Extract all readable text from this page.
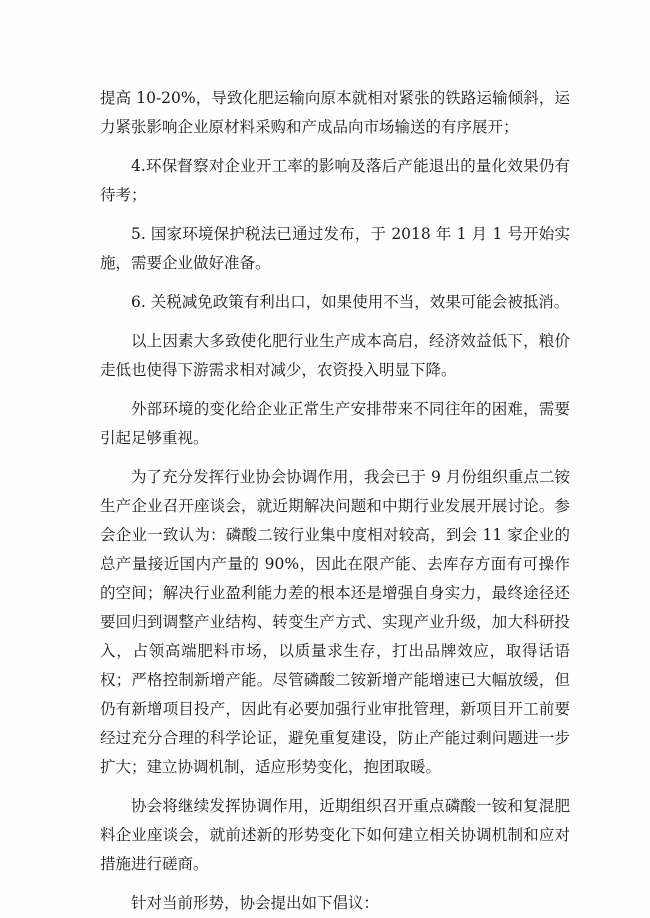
提高 10-20%，导致化肥运输向原本就相对紧张的铁路运输倾斜，运力紧张影响企业原材料采购和产成品向市场输送的有序展开；

4.环保督察对企业开工率的影响及落后产能退出的量化效果仍有待考；

5. 国家环境保护税法已通过发布，于 2018 年 1 月 1 号开始实施，需要企业做好准备。

6. 关税减免政策有利出口，如果使用不当，效果可能会被抵消。

以上因素大多致使化肥行业生产成本高启，经济效益低下，粮价走低也使得下游需求相对减少，农资投入明显下降。

外部环境的变化给企业正常生产安排带来不同往年的困难，需要引起足够重视。

为了充分发挥行业协会协调作用，我会已于 9 月份组织重点二铵生产企业召开座谈会，就近期解决问题和中期行业发展开展讨论。参会企业一致认为：磷酸二铵行业集中度相对较高，到会 11 家企业的总产量接近国内产量的 90%，因此在限产能、去库存方面有可操作的空间；解决行业盈利能力差的根本还是增强自身实力，最终途径还要回归到调整产业结构、转变生产方式、实现产业升级，加大科研投入，占领高端肥料市场，以质量求生存，打出品牌效应，取得话语权；严格控制新增产能。尽管磷酸二铵新增产能增速已大幅放缓，但仍有新增项目投产，因此有必要加强行业审批管理，新项目开工前要经过充分合理的科学论证，避免重复建设，防止产能过剩问题进一步扩大；建立协调机制，适应形势变化，抱团取暖。

协会将继续发挥协调作用，近期组织召开重点磷酸一铵和复混肥料企业座谈会，就前述新的形势变化下如何建立相关协调机制和应对措施进行磋商。

针对当前形势，协会提出如下倡议：
